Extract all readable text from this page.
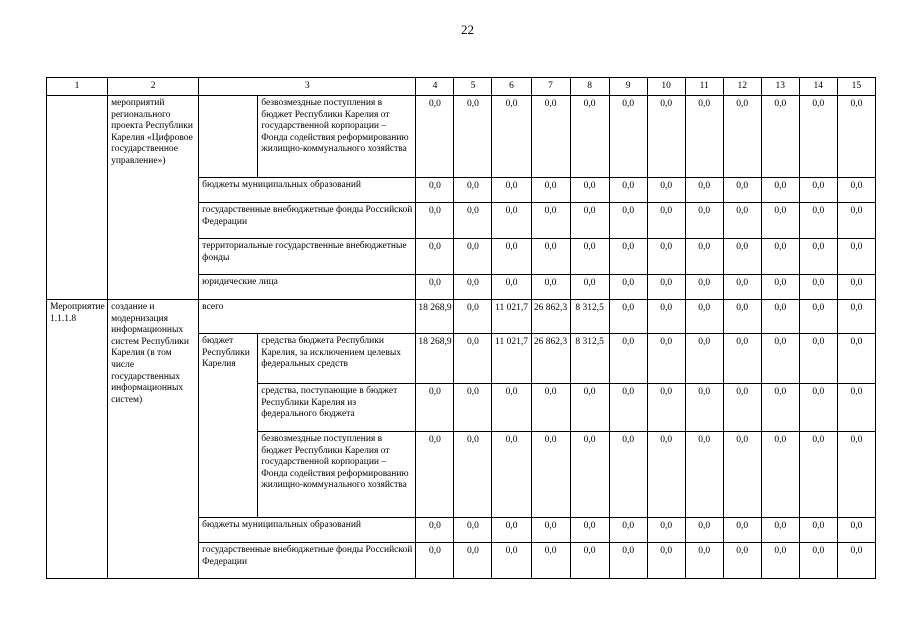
22
1	2	3		4	5	6	7	8	9	10	11	12	13	14	15
	мероприятий регионального проекта Республики Карелия «Цифровое государственное управление»)		безвозмездные поступления в бюджет Республики Карелия от государственной корпорации – Фонда содействия реформированию жилищно-коммунального хозяйства	0,0	0,0	0,0	0,0	0,0	0,0	0,0	0,0	0,0	0,0	0,0	0,0
		бюджеты муниципальных образований		0,0	0,0	0,0	0,0	0,0	0,0	0,0	0,0	0,0	0,0	0,0	0,0
		государственные внебюджетные фонды Российской Федерации		0,0	0,0	0,0	0,0	0,0	0,0	0,0	0,0	0,0	0,0	0,0	0,0
		территориальные государственные внебюджетные фонды		0,0	0,0	0,0	0,0	0,0	0,0	0,0	0,0	0,0	0,0	0,0	0,0
		юридические лица		0,0	0,0	0,0	0,0	0,0	0,0	0,0	0,0	0,0	0,0	0,0	0,0
Мероприятие 1.1.1.8	создание и модернизация информационных систем Республики Карелия (в том числе государственных информационных систем)	всего		18 268,9	0,0	11 021,7	26 862,3	8 312,5	0,0	0,0	0,0	0,0	0,0	0,0	0,0
		бюджет Республики Карелия	средства бюджета Республики Карелия, за исключением целевых федеральных средств	18 268,9	0,0	11 021,7	26 862,3	8 312,5	0,0	0,0	0,0	0,0	0,0	0,0	0,0
			средства, поступающие в бюджет Республики Карелия из федерального бюджета	0,0	0,0	0,0	0,0	0,0	0,0	0,0	0,0	0,0	0,0	0,0	0,0
			безвозмездные поступления в бюджет Республики Карелия от государственной корпорации – Фонда содействия реформированию жилищно-коммунального хозяйства	0,0	0,0	0,0	0,0	0,0	0,0	0,0	0,0	0,0	0,0	0,0	0,0
		бюджеты муниципальных образований		0,0	0,0	0,0	0,0	0,0	0,0	0,0	0,0	0,0	0,0	0,0	0,0
		государственные внебюджетные фонды Российской Федерации		0,0	0,0	0,0	0,0	0,0	0,0	0,0	0,0	0,0	0,0	0,0	0,0
